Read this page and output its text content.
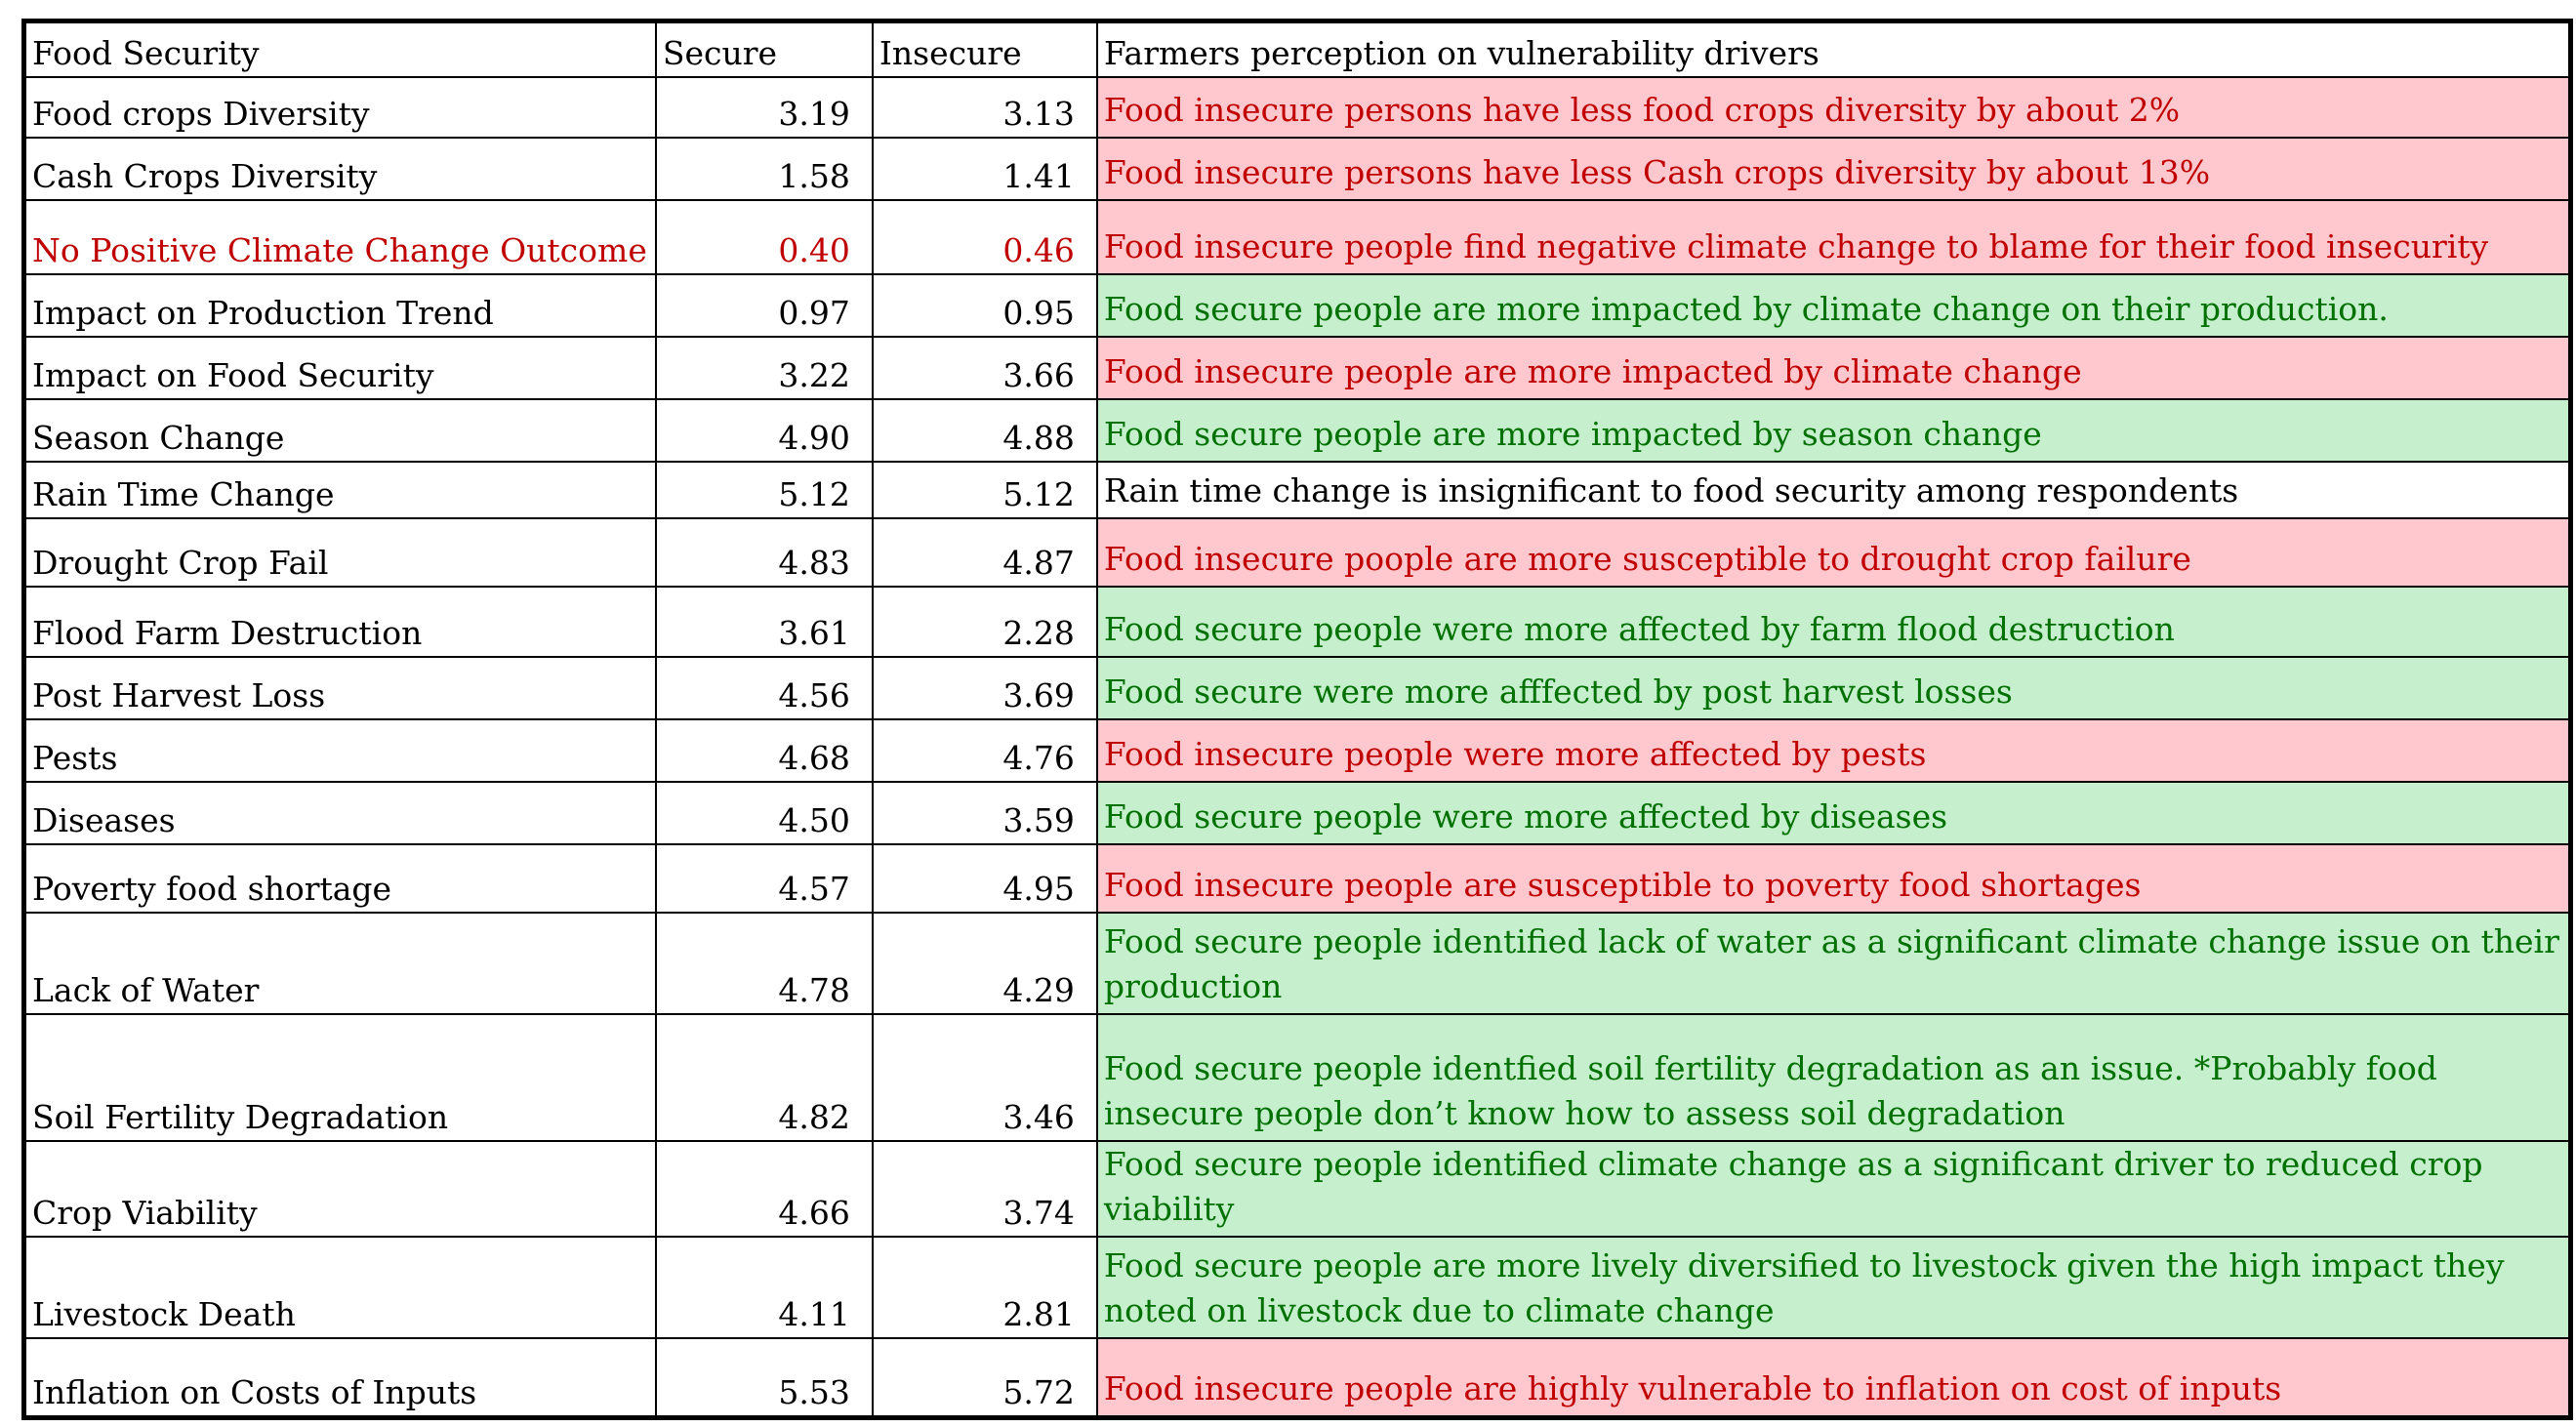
Food Security	Secure	Insecure	Farmers perception on vulnerability drivers
Food crops Diversity	3.19	3.13	Food insecure persons have less food crops diversity by about 2%
Cash Crops Diversity	1.58	1.41	Food insecure persons have less Cash crops diversity by about 13%
No Positive Climate Change Outcome	0.40	0.46	Food insecure people find negative climate change to blame for their food insecurity
Impact on Production Trend	0.97	0.95	Food secure people are more impacted by climate change on their production.
Impact on Food Security	3.22	3.66	Food insecure people are more impacted by climate change
Season Change	4.90	4.88	Food secure people are more impacted by season change
Rain Time Change	5.12	5.12	Rain time change is insignificant to food security among respondents
Drought Crop Fail	4.83	4.87	Food insecure poople are more susceptible to drought crop failure
Flood Farm Destruction	3.61	2.28	Food secure people were more affected by farm flood destruction
Post Harvest Loss	4.56	3.69	Food secure were more afffected by post harvest losses
Pests	4.68	4.76	Food insecure people were more affected by pests
Diseases	4.50	3.59	Food secure people were more affected by diseases
Poverty food shortage	4.57	4.95	Food insecure people are susceptible to poverty food shortages
Lack of Water	4.78	4.29	Food secure people identified lack of water as a significant climate change issue on their production
Soil Fertility Degradation	4.82	3.46	Food secure people identfied soil fertility degradation as an issue. *Probably food insecure people don’t know how to assess soil degradation
Crop Viability	4.66	3.74	Food secure people identified climate change as a significant driver to reduced crop viability
Livestock Death	4.11	2.81	Food secure people are more lively diversified to livestock given the high impact they noted on livestock due to climate change
Inflation on Costs of Inputs	5.53	5.72	Food insecure people are highly vulnerable to inflation on cost of inputs
